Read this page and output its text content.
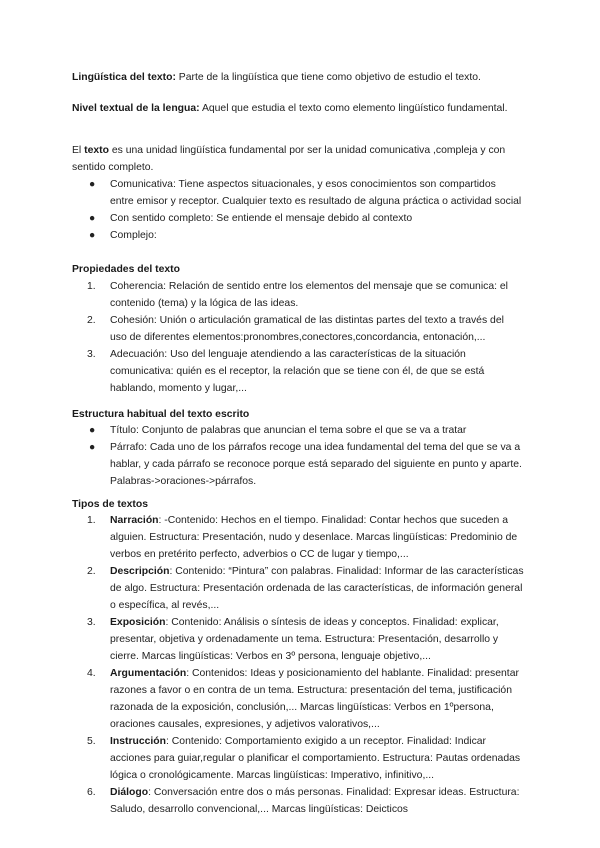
Lingüística del texto: Parte de la lingüística que tiene como objetivo de estudio el texto.

Nivel textual de la lengua: Aquel que estudia el texto como elemento lingüístico fundamental.

El texto es una unidad lingüística fundamental por ser la unidad comunicativa ,compleja y con sentido completo.

● Comunicativa: Tiene aspectos situacionales, y esos conocimientos son compartidos entre emisor y receptor. Cualquier texto es resultado de alguna práctica o actividad social
● Con sentido completo: Se entiende el mensaje debido al contexto
● Complejo:

Propiedades del texto

1. Coherencia: Relación de sentido entre los elementos del mensaje que se comunica: el contenido (tema) y la lógica de las ideas.
2. Cohesión: Unión o articulación gramatical de las distintas partes del texto a través del uso de diferentes elementos:pronombres,conectores,concordancia, entonación,...
3. Adecuación: Uso del lenguaje atendiendo a las características de la situación comunicativa: quién es el receptor, la relación que se tiene con él, de que se está hablando, momento y lugar,...

Estructura habitual del texto escrito

● Título: Conjunto de palabras que anuncian el tema sobre el que se va a tratar
● Párrafo: Cada uno de los párrafos recoge una idea fundamental del tema del que se va a hablar, y cada párrafo se reconoce porque está separado del siguiente en punto y aparte. Palabras->oraciones->párrafos.

Tipos de textos

1. Narración: -Contenido: Hechos en el tiempo. Finalidad: Contar hechos que suceden a alguien. Estructura: Presentación, nudo y desenlace. Marcas lingüísticas: Predominio de verbos en pretérito perfecto, adverbios o CC de lugar y tiempo,...
2. Descripción: Contenido: “Pintura” con palabras. Finalidad: Informar de las características de algo. Estructura: Presentación ordenada de las características, de información general o específica, al revés,...
3. Exposición: Contenido: Análisis o síntesis de ideas y conceptos. Finalidad: explicar, presentar, objetiva y ordenadamente un tema. Estructura: Presentación, desarrollo y cierre. Marcas lingüísticas: Verbos en 3º persona, lenguaje objetivo,...
4. Argumentación: Contenidos: Ideas y posicionamiento del hablante. Finalidad: presentar razones a favor o en contra de un tema. Estructura: presentación del tema, justificación razonada de la exposición, conclusión,... Marcas lingüísticas: Verbos en 1ºpersona, oraciones causales, expresiones, y adjetivos valorativos,...
5. Instrucción: Contenido: Comportamiento exigido a un receptor. Finalidad: Indicar acciones para guiar,regular o planificar el comportamiento. Estructura: Pautas ordenadas lógica o cronológicamente. Marcas lingüísticas: Imperativo, infinitivo,...
6. Diálogo: Conversación entre dos o más personas. Finalidad: Expresar ideas. Estructura: Saludo, desarrollo convencional,... Marcas lingüísticas: Deicticos
